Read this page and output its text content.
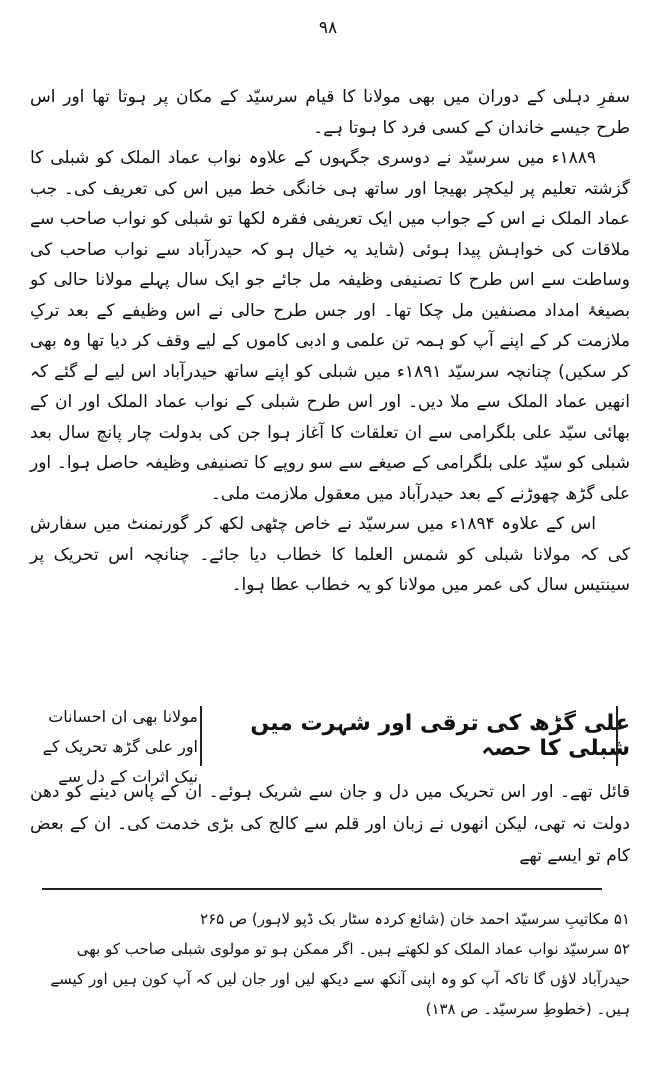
۹۸

سفرِ دہلی کے دوران میں بھی مولانا کا قیام سرسیّد کے مکان پر ہوتا تھا اور اس طرح جیسے خاندان کے کسی فرد کا ہوتا ہے۔

۱۸۸۹ء میں سرسیّد نے دوسری جگہوں کے علاوہ نواب عماد الملک کو شبلی کا گزشتہ تعلیم پر لیکچر بھیجا اور ساتھ ہی خانگی خط میں اس کی تعریف کی۔ جب عماد الملک نے اس کے جواب میں ایک تعریفی فقرہ لکھا تو شبلی کو نواب صاحب سے ملاقات کی خواہش پیدا ہوئی (شاید یہ خیال ہو کہ حیدرآباد سے نواب صاحب کی وساطت سے اس طرح کا تصنیفی وظیفہ مل جائے جو ایک سال پہلے مولانا حالی کو بصیغۂ امداد مصنفین مل چکا تھا۔ اور جس طرح حالی نے اس وظیفے کے بعد ترکِ ملازمت کر کے اپنے آپ کو ہمہ تن علمی و ادبی کاموں کے لیے وقف کر دیا تھا وہ بھی کر سکیں) چنانچہ سرسیّد ۱۸۹۱ء میں شبلی کو اپنے ساتھ حیدرآباد اس لیے لے گئے کہ انھیں عماد الملک سے ملا دیں۔ اور اس طرح شبلی کے نواب عماد الملک اور ان کے بھائی سیّد علی بلگرامی سے ان تعلقات کا آغاز ہوا جن کی بدولت چار پانچ سال بعد شبلی کو سیّد علی بلگرامی کے صیغے سے سو روپے کا تصنیفی وظیفہ حاصل ہوا۔ اور علی گڑھ چھوڑنے کے بعد حیدرآباد میں معقول ملازمت ملی۔

اس کے علاوہ ۱۸۹۴ء میں سرسیّد نے خاص چٹھی لکھ کر گورنمنٹ میں سفارش کی کہ مولانا شبلی کو شمس العلما کا خطاب دیا جائے۔ چنانچہ اس تحریک پر سینتیس سال کی عمر میں مولانا کو یہ خطاب عطا ہوا۔

علی گڑھ کی ترقی اور شہرت میں شبلی کا حصہ
مولانا بھی ان احسانات اور علی گڑھ تحریک کے نیک اثرات کے دل سے
قائل تھے۔ اور اس تحریک میں دل و جان سے شریک ہوئے۔ ان کے پاس دینے کو دھن دولت نہ تھی، لیکن انھوں نے زبان اور قلم سے کالج کی بڑی خدمت کی۔ ان کے بعض کام تو ایسے تھے

۵۱ مکاتیبِ سرسیّد احمد خان (شائع کردہ سٹار بک ڈپو لاہور) ص ۲۶۵

۵۲ سرسیّد نواب عماد الملک کو لکھتے ہیں۔ اگر ممکن ہو تو مولوی شبلی صاحب کو بھی حیدرآباد لاؤں گا تاکہ آپ کو وہ اپنی آنکھ سے دیکھ لیں اور جان لیں کہ آپ کون ہیں اور کیسے ہیں۔ (خطوطِ سرسیّد۔ ص ۱۳۸)
